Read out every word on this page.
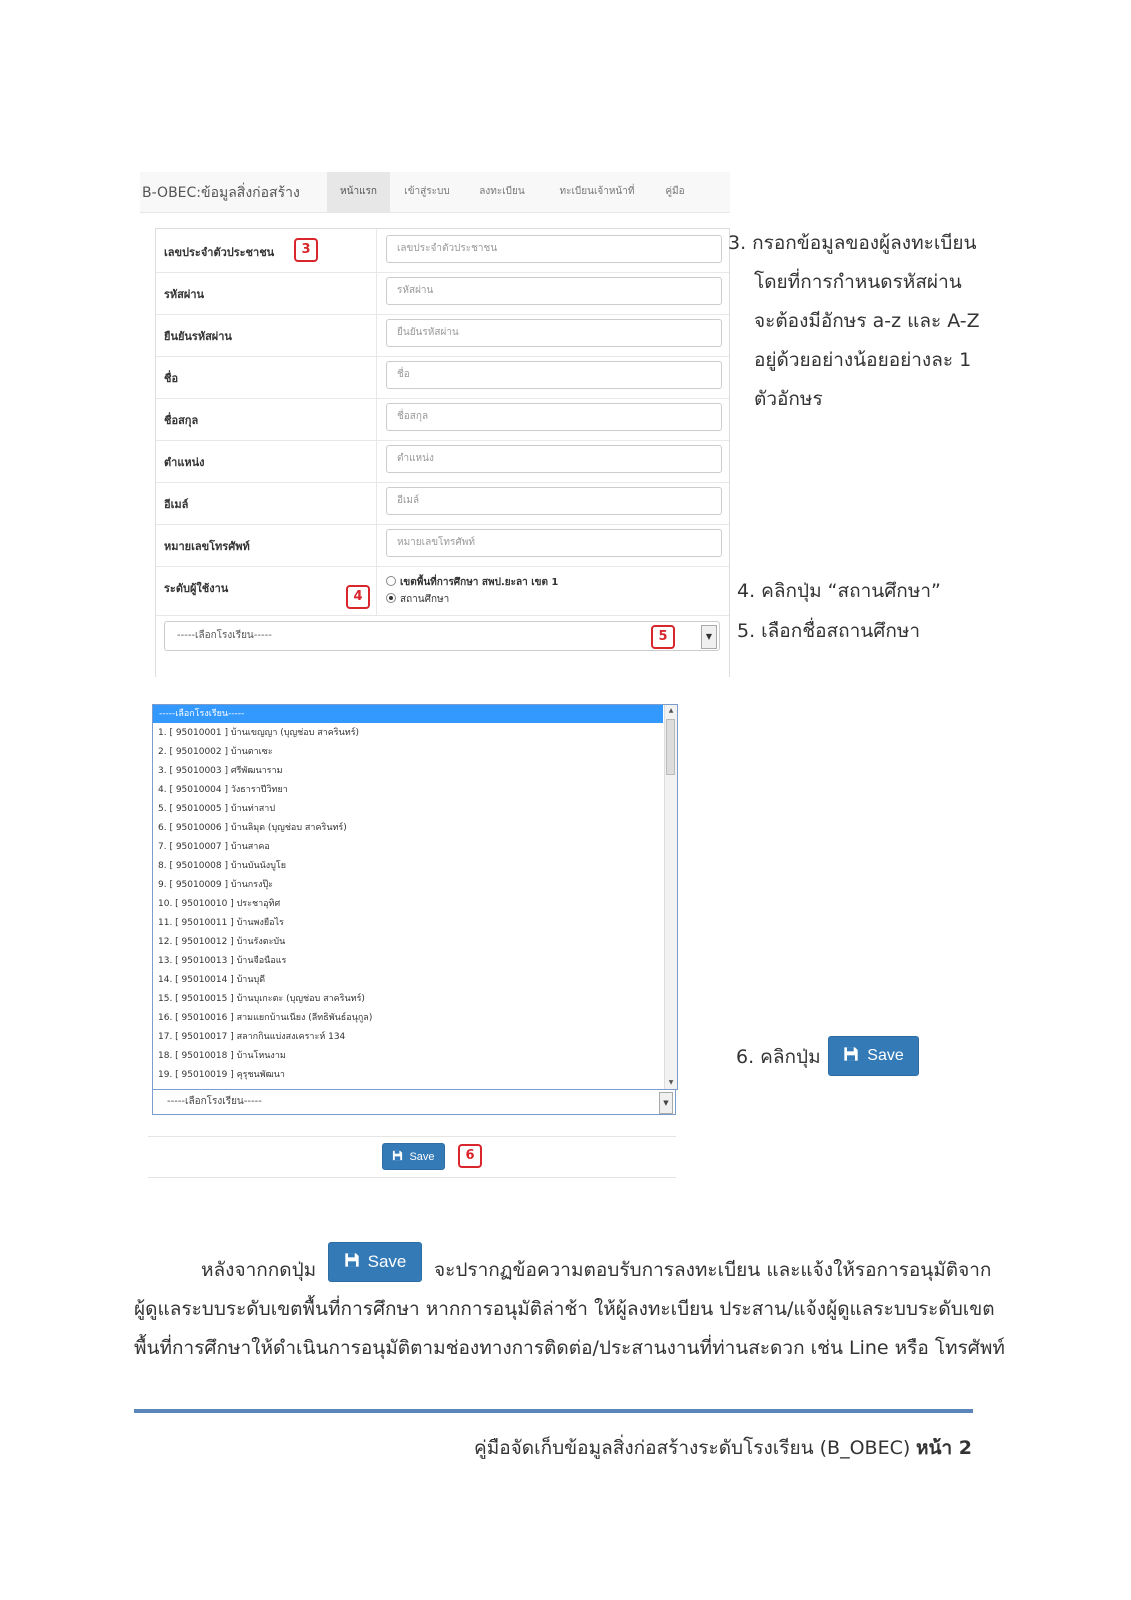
B-OBEC:ข้อมูลสิ่งก่อสร้าง	หน้าแรก	เข้าสู่ระบบ	ลงทะเบียน	ทะเบียนเจ้าหน้าที่	คู่มือ
เลขประจำตัวประชาชน	เลขประจำตัวประชาชน
รหัสผ่าน	รหัสผ่าน
ยืนยันรหัสผ่าน	ยืนยันรหัสผ่าน
ชื่อ	ชื่อ
ชื่อสกุล	ชื่อสกุล
ตำแหน่ง	ตำแหน่ง
อีเมล์	อีเมล์
หมายเลขโทรศัพท์	หมายเลขโทรศัพท์
ระดับผู้ใช้งาน	เขตพื้นที่การศึกษา สพป.ยะลา เขต 1
สถานศึกษา
-----เลือกโรงเรียน-----	▼
3
4
5
3. กรอกข้อมูลของผู้ลงทะเบียน
โดยที่การกำหนดรหัสผ่าน
จะต้องมีอักษร a-z และ A-Z
อยู่ด้วยอย่างน้อยอย่างละ 1
ตัวอักษร
4. คลิกปุ่ม “สถานศึกษา”
5. เลือกชื่อสถานศึกษา
-----เลือกโรงเรียน-----
1. [ 95010001 ] บ้านเขญญา (บุญช่อบ สาครินทร์)
2. [ 95010002 ] บ้านตาเซะ
3. [ 95010003 ] ศรีพัฒนาราม
4. [ 95010004 ] วังธาราปีวิทยา
5. [ 95010005 ] บ้านท่าสาป
6. [ 95010006 ] บ้านลิมุด (บุญช่อบ สาครินทร์)
7. [ 95010007 ] บ้านสาคอ
8. [ 95010008 ] บ้านบันนังบูโย
9. [ 95010009 ] บ้านกรงปุ๊ะ
10. [ 95010010 ] ประชาอุทิศ
11. [ 95010011 ] บ้านพงยือไร
12. [ 95010012 ] บ้านรังตะบัน
13. [ 95010013 ] บ้านจือนือแร
14. [ 95010014 ] บ้านบุดี
15. [ 95010015 ] บ้านบุเกะตะ (บุญช่อบ สาครินทร์)
16. [ 95010016 ] สามแยกบ้านเนียง (ลีทธิพันธ์อนุกูล)
17. [ 95010017 ] สลากกินแบ่งสงเคราะห์ 134
18. [ 95010018 ] บ้านโหนงาม
19. [ 95010019 ] คุรุชนพัฒนา
▲
▼
-----เลือกโรงเรียน-----	▼
Save	6
6. คลิกปุ่ม	Save
หลังจากกดปุ่ม	Save จะปรากฏข้อความตอบรับการลงทะเบียน และแจ้งให้รอการอนุมัติจาก
ผู้ดูแลระบบระดับเขตพื้นที่การศึกษา หากการอนุมัติล่าช้า ให้ผู้ลงทะเบียน ประสาน/แจ้งผู้ดูแลระบบระดับเขต
พื้นที่การศึกษาให้ดำเนินการอนุมัติตามช่องทางการติดต่อ/ประสานงานที่ท่านสะดวก เช่น Line หรือ โทรศัพท์
คู่มือจัดเก็บข้อมูลสิ่งก่อสร้างระดับโรงเรียน (B_OBEC) หน้า 2
